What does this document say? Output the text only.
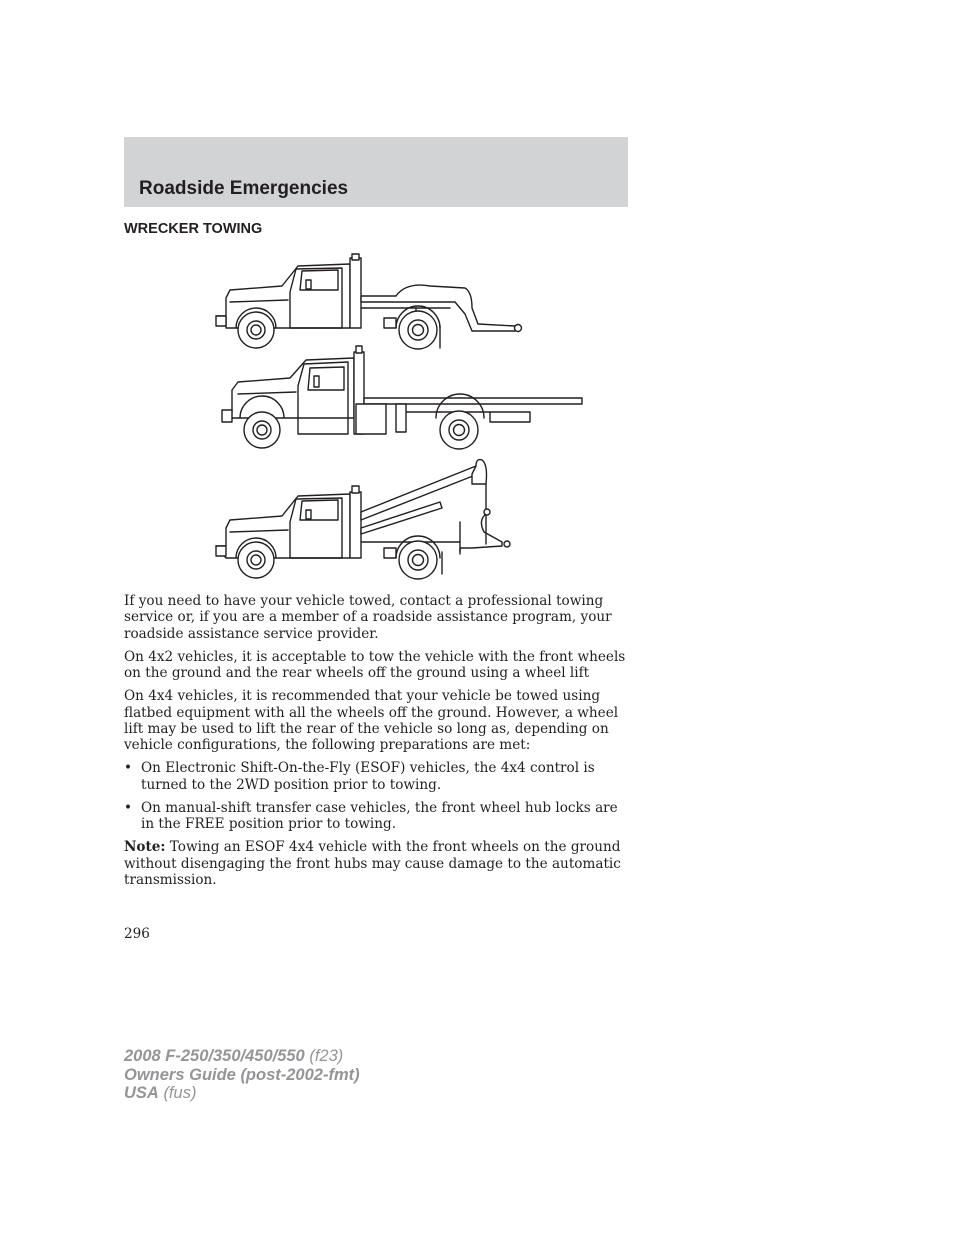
Roadside Emergencies
WRECKER TOWING

If you need to have your vehicle towed, contact a professional towing service or, if you are a member of a roadside assistance program, your roadside assistance service provider.

On 4x2 vehicles, it is acceptable to tow the vehicle with the front wheels on the ground and the rear wheels off the ground using a wheel lift

On 4x4 vehicles, it is recommended that your vehicle be towed using flatbed equipment with all the wheels off the ground. However, a wheel lift may be used to lift the rear of the vehicle so long as, depending on vehicle configurations, the following preparations are met:

• On Electronic Shift-On-the-Fly (ESOF) vehicles, the 4x4 control is turned to the 2WD position prior to towing.
• On manual-shift transfer case vehicles, the front wheel hub locks are in the FREE position prior to towing.

Note: Towing an ESOF 4x4 vehicle with the front wheels on the ground without disengaging the front hubs may cause damage to the automatic transmission.

296
2008 F-250/350/450/550 (f23)
Owners Guide (post-2002-fmt)
USA (fus)
